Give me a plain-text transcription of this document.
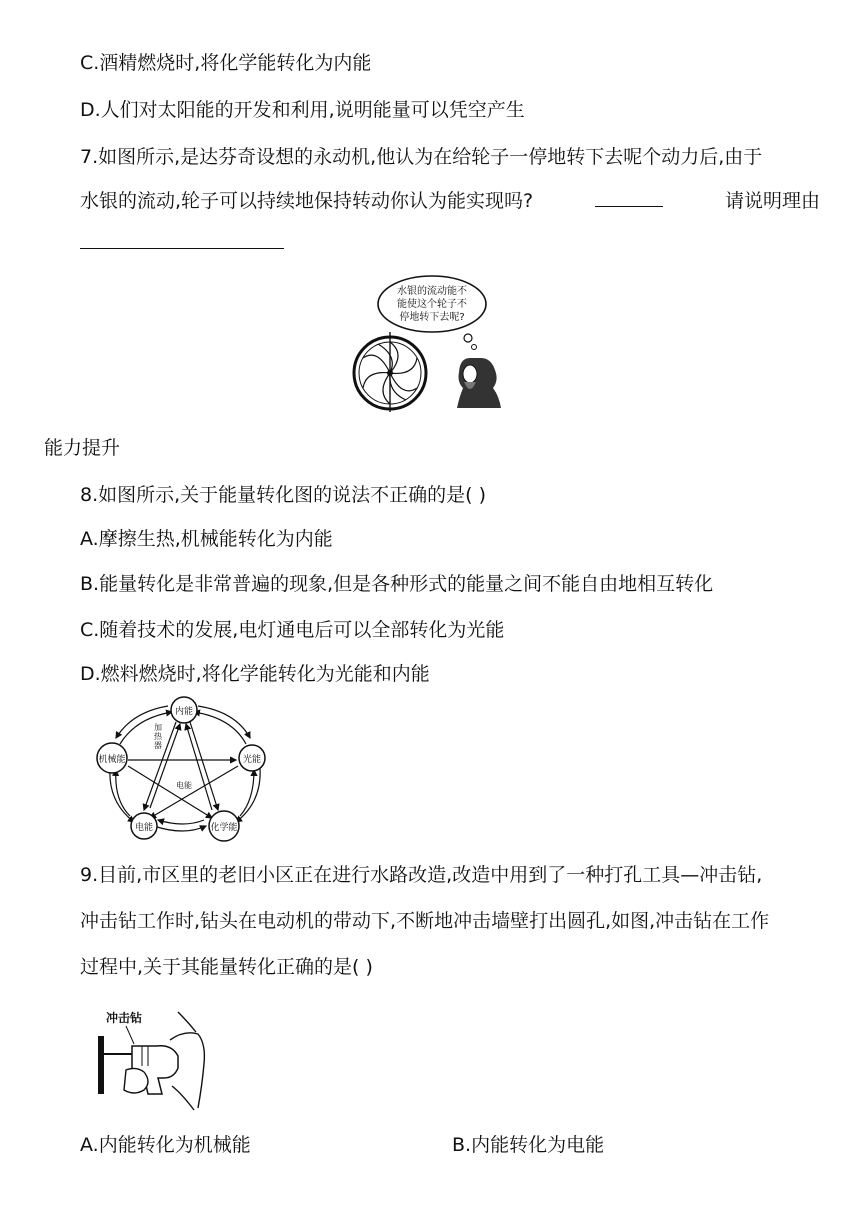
C.酒精燃烧时,将化学能转化为内能
D.人们对太阳能的开发和利用,说明能量可以凭空产生
7.如图所示,是达芬奇设想的永动机,他认为在给轮子一停地转下去呢个动力后,由于
水银的流动,轮子可以持续地保持转动你认为能实现吗?	请说明理由
水银的流动能不
能使这个轮子不
停地转下去呢?
能力提升
8.如图所示,关于能量转化图的说法不正确的是( )
A.摩擦生热,机械能转化为内能
B.能量转化是非常普遍的现象,但是各种形式的能量之间不能自由地相互转化
C.随着技术的发展,电灯通电后可以全部转化为光能
D.燃料燃烧时,将化学能转化为光能和内能
内能
机械能	光能
电能	化学能
加
热
器
电能
9.目前,市区里的老旧小区正在进行水路改造,改造中用到了一种打孔工具—冲击钻,
冲击钻工作时,钻头在电动机的带动下,不断地冲击墙壁打出圆孔,如图,冲击钻在工作
过程中,关于其能量转化正确的是( )
冲击钻
A.内能转化为机械能	B.内能转化为电能
